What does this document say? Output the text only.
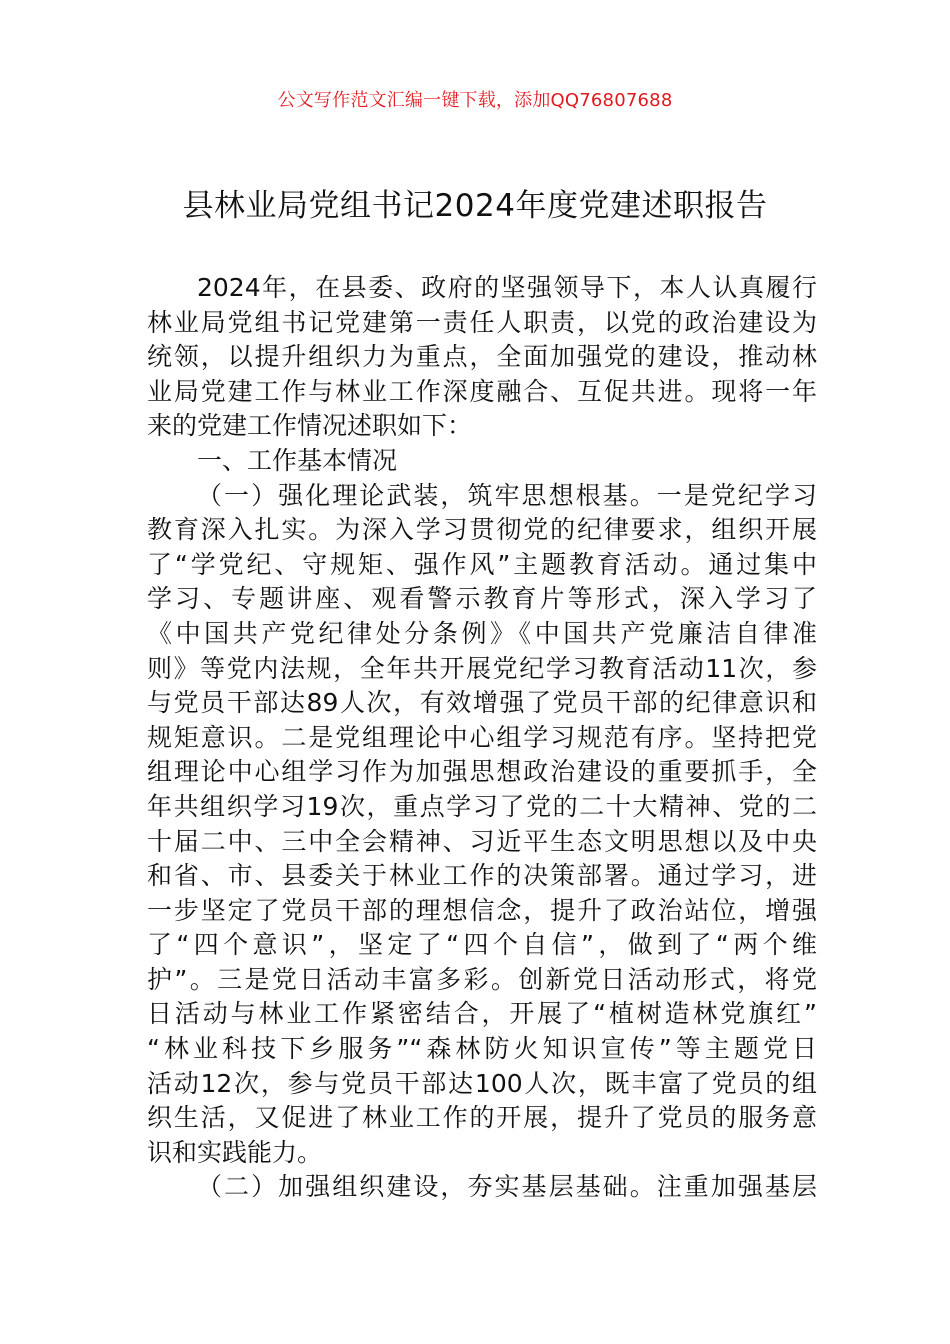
公文写作范文汇编一键下载，添加QQ76807688
县林业局党组书记2024年度党建述职报告
2024年，在县委、政府的坚强领导下，本人认真履行
林业局党组书记党建第一责任人职责，以党的政治建设为
统领，以提升组织力为重点，全面加强党的建设，推动林
业局党建工作与林业工作深度融合、互促共进。现将一年
来的党建工作情况述职如下：
一、工作基本情况
（一）强化理论武装，筑牢思想根基。一是党纪学习
教育深入扎实。为深入学习贯彻党的纪律要求，组织开展
了“学党纪、守规矩、强作风”主题教育活动。通过集中
学习、专题讲座、观看警示教育片等形式，深入学习了
《中国共产党纪律处分条例》《中国共产党廉洁自律准
则》等党内法规，全年共开展党纪学习教育活动11次，参
与党员干部达89人次，有效增强了党员干部的纪律意识和
规矩意识。二是党组理论中心组学习规范有序。坚持把党
组理论中心组学习作为加强思想政治建设的重要抓手，全
年共组织学习19次，重点学习了党的二十大精神、党的二
十届二中、三中全会精神、习近平生态文明思想以及中央
和省、市、县委关于林业工作的决策部署。通过学习，进
一步坚定了党员干部的理想信念，提升了政治站位，增强
了“四个意识”，坚定了“四个自信”，做到了“两个维
护”。三是党日活动丰富多彩。创新党日活动形式，将党
日活动与林业工作紧密结合，开展了“植树造林党旗红”
“林业科技下乡服务”“森林防火知识宣传”等主题党日
活动12次，参与党员干部达100人次，既丰富了党员的组
织生活，又促进了林业工作的开展，提升了党员的服务意
识和实践能力。
（二）加强组织建设，夯实基层基础。注重加强基层
